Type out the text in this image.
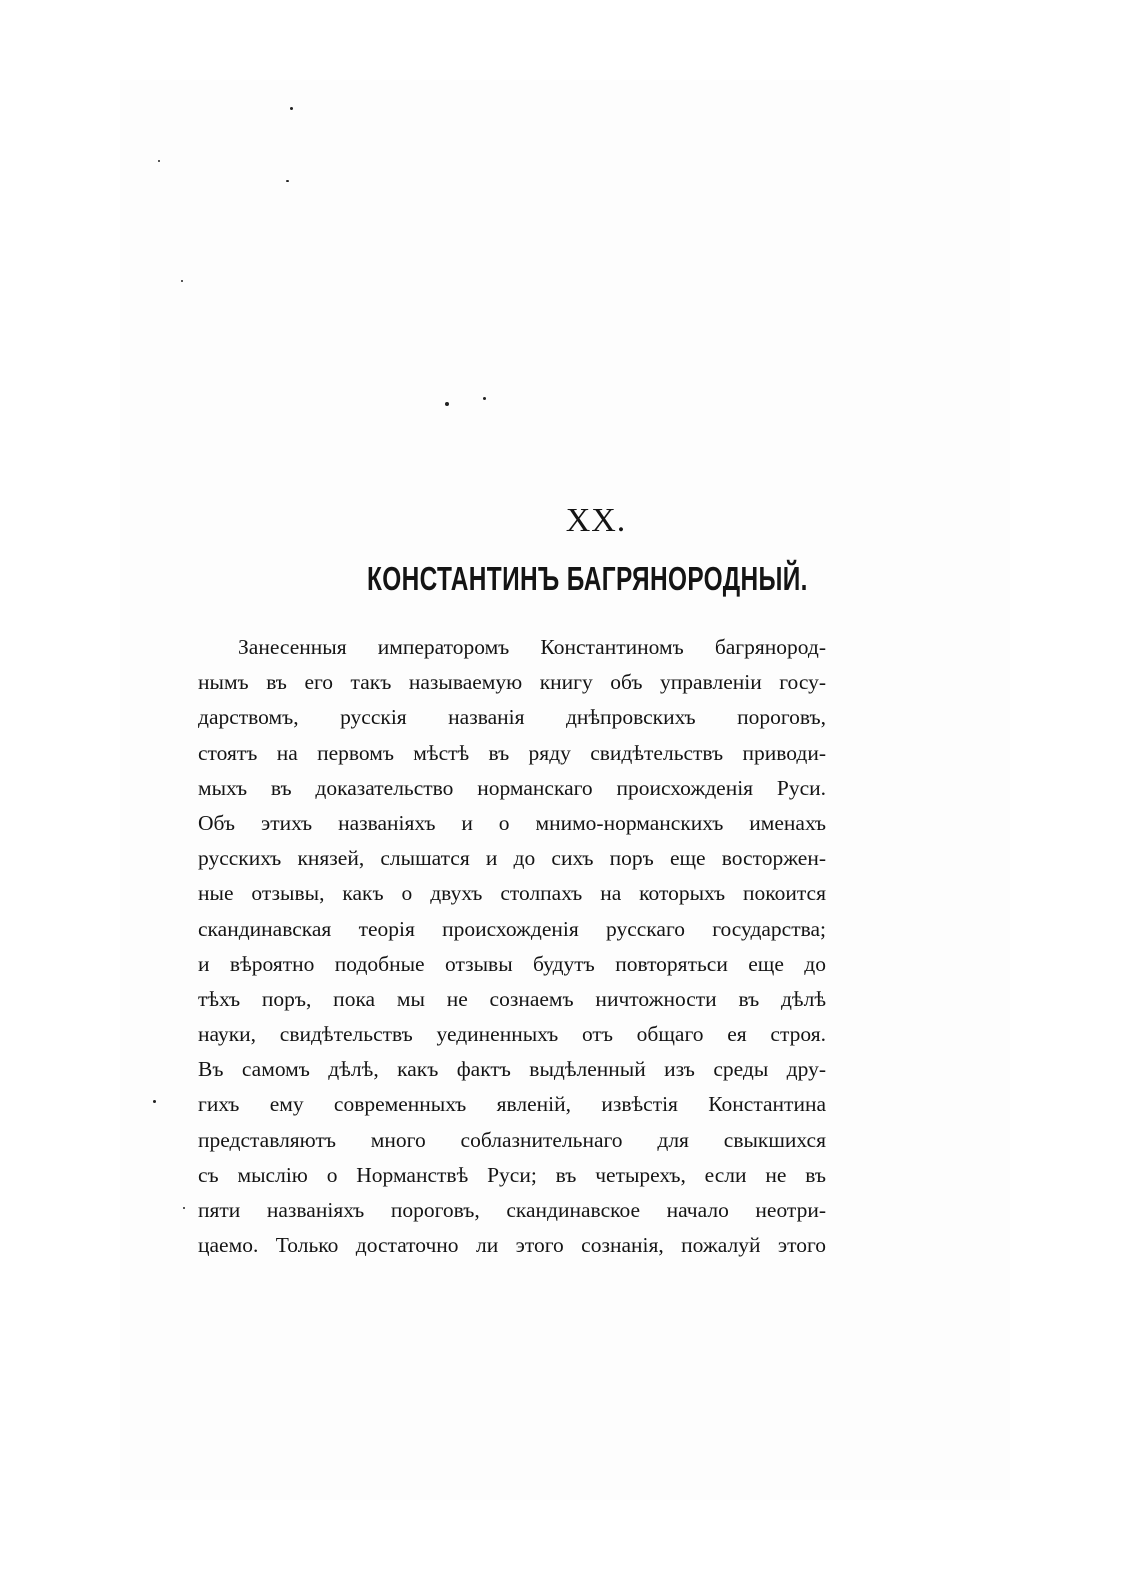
XX.
КОНСТАНТИНЪ БАГРЯНОРОДНЫЙ.
Занесенныя императоромъ Константиномъ багрянород-
нымъ въ его такъ называемую книгу объ управленiи госу-
дарствомъ, русскiя названiя днѣпровскихъ пороговъ,
стоятъ на первомъ мѣстѣ въ ряду свидѣтельствъ приводи-
мыхъ въ доказательство норманскаго происхожденiя Руси.
Объ этихъ названiяхъ и о мнимо-норманскихъ именахъ
русскихъ князей, слышатся и до сихъ поръ еще восторжен-
ные отзывы, какъ о двухъ столпахъ на которыхъ покоится
скандинавская теорiя происхожденiя русскаго государства;
и вѣроятно подобные отзывы будутъ повторятьси еще до
тѣхъ поръ, пока мы не сознаемъ ничтожности въ дѣлѣ
науки, свидѣтельствъ уединенныхъ отъ общаго ея строя.
Въ самомъ дѣлѣ, какъ фактъ выдѣленный изъ среды дру-
гихъ ему современныхъ явленiй, извѣстiя Константина
представляютъ много соблазнительнаго для свыкшихся
съ мыслiю о Норманствѣ Руси; въ четырехъ, если не въ
пяти названiяхъ пороговъ, скандинавское начало неотри-
цаемо. Только достаточно ли этого сознанiя, пожалуй этого
